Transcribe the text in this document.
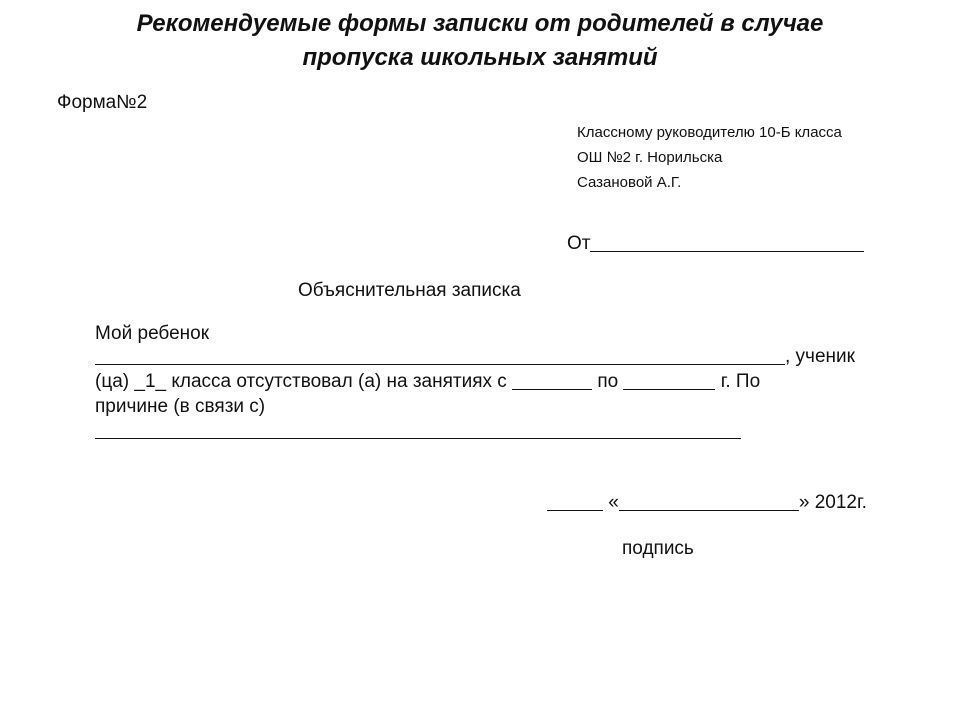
Рекомендуемые формы записки от родителей в случае
пропуска школьных занятий
Форма№2
Классному руководителю 10-Б класса
ОШ №2 г. Норильска
Сазановой А.Г.
От
Объяснительная записка
Мой ребенок
, ученик
(ца) _1_ класса отсутствовал (а) на занятиях с	по	г. По
причине (в связи с)
«	» 2012г.
подпись
